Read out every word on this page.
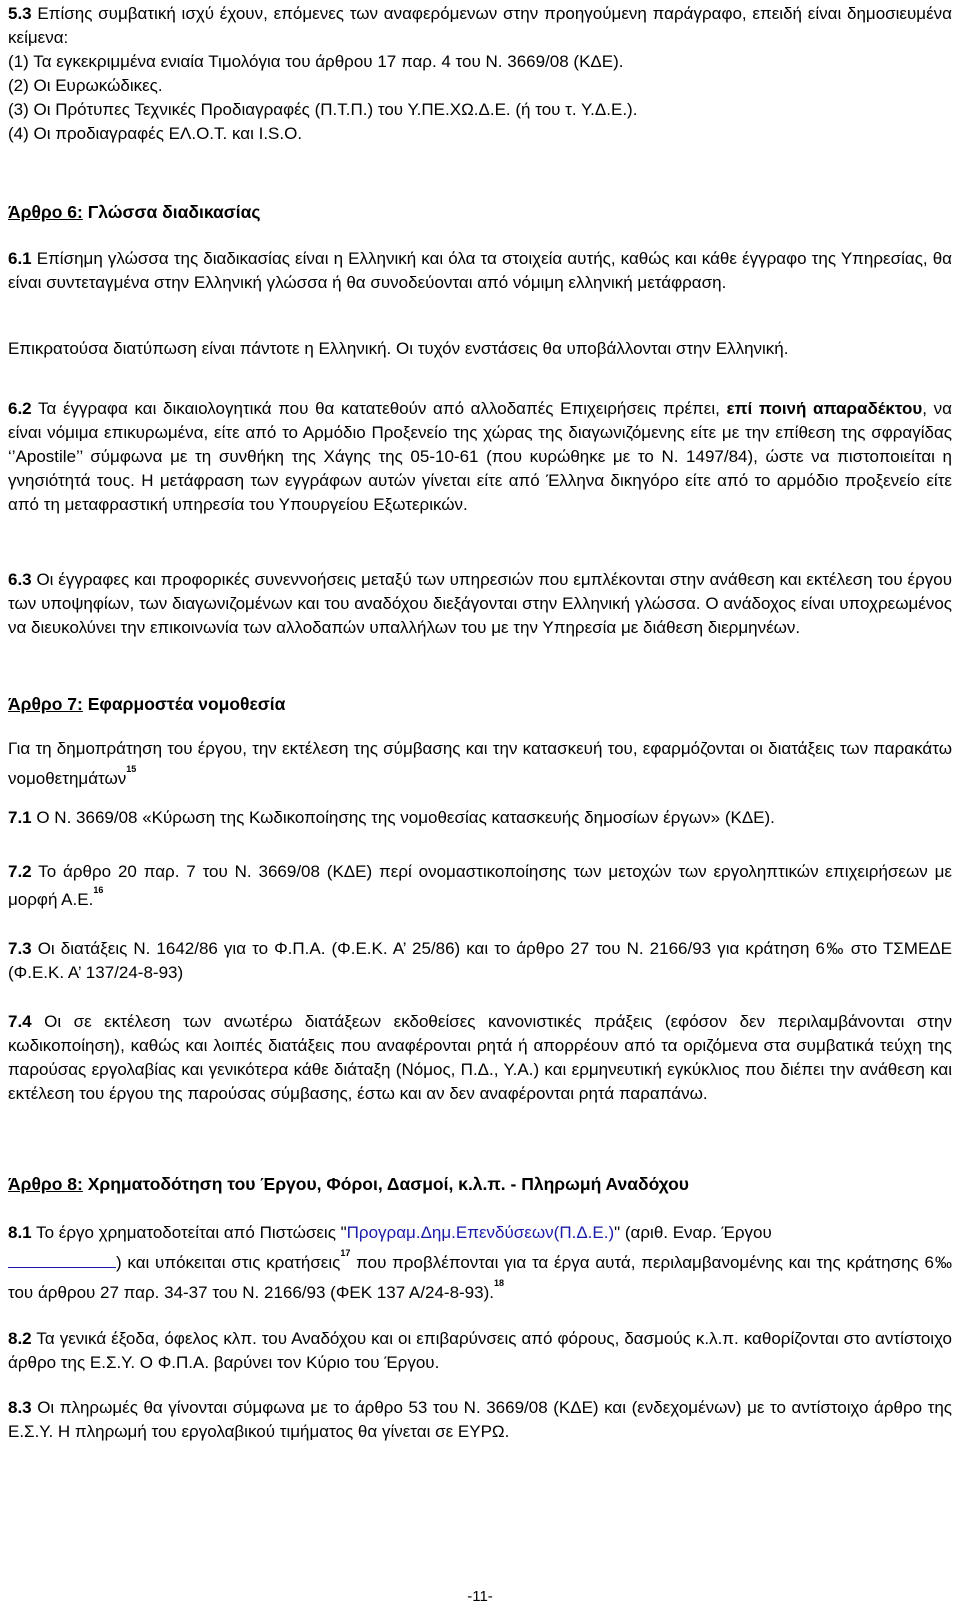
5.3 Επίσης συμβατική ισχύ έχουν, επόμενες των αναφερόμενων στην προηγούμενη παράγραφο, επειδή είναι δημοσιευμένα κείμενα:
(1) Τα εγκεκριμμένα ενιαία Τιμολόγια του άρθρου 17 παρ. 4 του Ν. 3669/08 (ΚΔΕ).
(2) Οι Ευρωκώδικες.
(3) Οι Πρότυπες Τεχνικές Προδιαγραφές (Π.Τ.Π.) του Υ.ΠΕ.ΧΩ.Δ.Ε. (ή του τ. Υ.Δ.Ε.).
(4) Οι προδιαγραφές ΕΛ.Ο.Τ. και I.S.O.
Άρθρο 6: Γλώσσα διαδικασίας
6.1 Επίσημη γλώσσα της διαδικασίας είναι η Ελληνική και όλα τα στοιχεία αυτής, καθώς και κάθε έγγραφο της Υπηρεσίας, θα είναι συντεταγμένα στην Ελληνική γλώσσα ή θα συνοδεύονται από νόμιμη ελληνική μετάφραση.
Επικρατούσα διατύπωση είναι πάντοτε η Ελληνική. Οι τυχόν ενστάσεις θα υποβάλλονται στην Ελληνική.
6.2 Τα έγγραφα και δικαιολογητικά που θα κατατεθούν από αλλοδαπές Επιχειρήσεις πρέπει, επί ποινή απαραδέκτου, να είναι νόμιμα επικυρωμένα, είτε από το Αρμόδιο Προξενείο της χώρας της διαγωνιζόμενης είτε με την επίθεση της σφραγίδας ‘’Apostile’’ σύμφωνα με τη συνθήκη της Χάγης της 05-10-61 (που κυρώθηκε με το Ν. 1497/84), ώστε να πιστοποιείται η γνησιότητά τους. Η μετάφραση των εγγράφων αυτών γίνεται είτε από Έλληνα δικηγόρο είτε από το αρμόδιο προξενείο είτε από τη μεταφραστική υπηρεσία του Υπουργείου Εξωτερικών.
6.3 Οι έγγραφες και προφορικές συνεννοήσεις μεταξύ των υπηρεσιών που εμπλέκονται στην ανάθεση και εκτέλεση του έργου των υποψηφίων, των διαγωνιζομένων και του αναδόχου διεξάγονται στην Ελληνική γλώσσα. Ο ανάδοχος είναι υποχρεωμένος να διευκολύνει την επικοινωνία των αλλοδαπών υπαλλήλων του με την Υπηρεσία με διάθεση διερμηνέων.
Άρθρο 7: Εφαρμοστέα νομοθεσία
Για τη δημοπράτηση του έργου, την εκτέλεση της σύμβασης και την κατασκευή του, εφαρμόζονται οι διατάξεις των παρακάτω νομοθετημάτων$^{15}$
7.1 Ο Ν. 3669/08 «Κύρωση της Κωδικοποίησης της νομοθεσίας κατασκευής δημοσίων έργων» (ΚΔΕ).
7.2 Το άρθρο 20 παρ. 7 του Ν. 3669/08 (ΚΔΕ) περί ονομαστικοποίησης των μετοχών των εργοληπτικών επιχειρήσεων με μορφή Α.Ε.$^{16}$
7.3 Οι διατάξεις Ν. 1642/86 για το Φ.Π.Α. (Φ.Ε.Κ. Α’ 25/86) και το άρθρο 27 του Ν. 2166/93 για κράτηση 6‰ στο ΤΣΜΕΔΕ (Φ.Ε.Κ. Α’ 137/24-8-93)
7.4 Οι σε εκτέλεση των ανωτέρω διατάξεων εκδοθείσες κανονιστικές πράξεις (εφόσον δεν περιλαμβάνονται στην κωδικοποίηση), καθώς και λοιπές διατάξεις που αναφέρονται ρητά ή απορρέουν από τα οριζόμενα στα συμβατικά τεύχη της παρούσας εργολαβίας και γενικότερα κάθε διάταξη (Νόμος, Π.Δ., Υ.Α.) και ερμηνευτική εγκύκλιος που διέπει την ανάθεση και εκτέλεση του έργου της παρούσας σύμβασης, έστω και αν δεν αναφέρονται ρητά παραπάνω.
Άρθρο 8: Χρηματοδότηση του Έργου, Φόροι, Δασμοί, κ.λ.π. - Πληρωμή Αναδόχου
8.1 Το έργο χρηματοδοτείται από Πιστώσεις "Προγραμ.Δημ.Επενδύσεων(Π.Δ.Ε.)" (αριθ. Εναρ. Έργου
) και υπόκειται στις κρατήσεις$^{17}$ που προβλέπονται για τα έργα αυτά, περιλαμβανομένης και της κράτησης 6‰ του άρθρου 27 παρ. 34-37 του Ν. 2166/93 (ΦΕΚ 137 Α/24-8-93).$^{18}$
8.2 Τα γενικά έξοδα, όφελος κλπ. του Αναδόχου και οι επιβαρύνσεις από φόρους, δασμούς κ.λ.π. καθορίζονται στο αντίστοιχο άρθρο της Ε.Σ.Υ. Ο Φ.Π.Α. βαρύνει τον Κύριο του Έργου.
8.3 Οι πληρωμές θα γίνονται σύμφωνα με το άρθρο 53 του Ν. 3669/08 (ΚΔΕ) και (ενδεχομένων) με το αντίστοιχο άρθρο της Ε.Σ.Υ. Η πληρωμή του εργολαβικού τιμήματος θα γίνεται σε ΕΥΡΩ.
-11-
